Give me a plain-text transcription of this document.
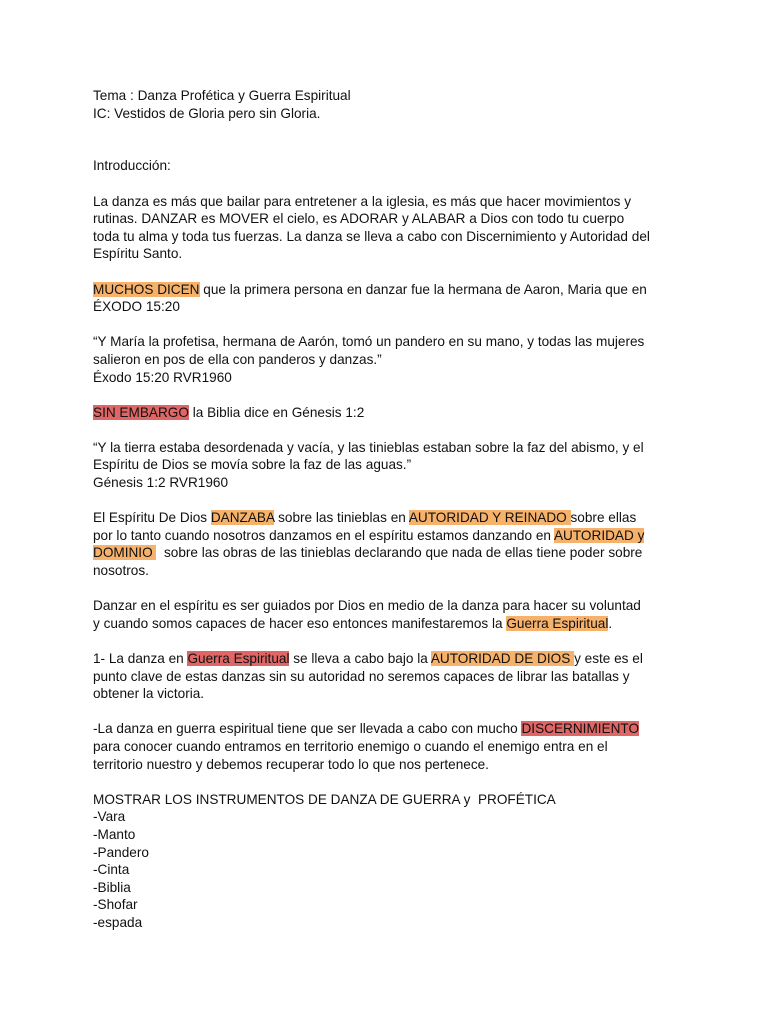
Tema : Danza Profética y Guerra Espiritual
IC: Vestidos de Gloria pero sin Gloria.
Introducción:
La danza es más que bailar para entretener a la iglesia, es más que hacer movimientos y
rutinas. DANZAR es MOVER el cielo, es ADORAR y ALABAR a Dios con todo tu cuerpo
toda tu alma y toda tus fuerzas. La danza se lleva a cabo con Discernimiento y Autoridad del
Espíritu Santo.
MUCHOS DICEN que la primera persona en danzar fue la hermana de Aaron, Maria que en
ÉXODO 15:20
“Y María la profetisa, hermana de Aarón, tomó un pandero en su mano, y todas las mujeres
salieron en pos de ella con panderos y danzas.”
Éxodo 15:20 RVR1960
SIN EMBARGO la Biblia dice en Génesis 1:2
“Y la tierra estaba desordenada y vacía, y las tinieblas estaban sobre la faz del abismo, y el
Espíritu de Dios se movía sobre la faz de las aguas.”
Génesis 1:2 RVR1960
El Espíritu De Dios DANZABA sobre las tinieblas en AUTORIDAD Y REINADO sobre ellas
por lo tanto cuando nosotros danzamos en el espíritu estamos danzando en AUTORIDAD y
DOMINIO   sobre las obras de las tinieblas declarando que nada de ellas tiene poder sobre
nosotros.
Danzar en el espíritu es ser guiados por Dios en medio de la danza para hacer su voluntad
y cuando somos capaces de hacer eso entonces manifestaremos la Guerra Espiritual.
1- La danza en Guerra Espiritual se lleva a cabo bajo la AUTORIDAD DE DIOS y este es el
punto clave de estas danzas sin su autoridad no seremos capaces de librar las batallas y
obtener la victoria.
-La danza en guerra espiritual tiene que ser llevada a cabo con mucho DISCERNIMIENTO
para conocer cuando entramos en territorio enemigo o cuando el enemigo entra en el
territorio nuestro y debemos recuperar todo lo que nos pertenece.
MOSTRAR LOS INSTRUMENTOS DE DANZA DE GUERRA y  PROFÉTICA
-Vara
-Manto
-Pandero
-Cinta
-Biblia
-Shofar
-espada
